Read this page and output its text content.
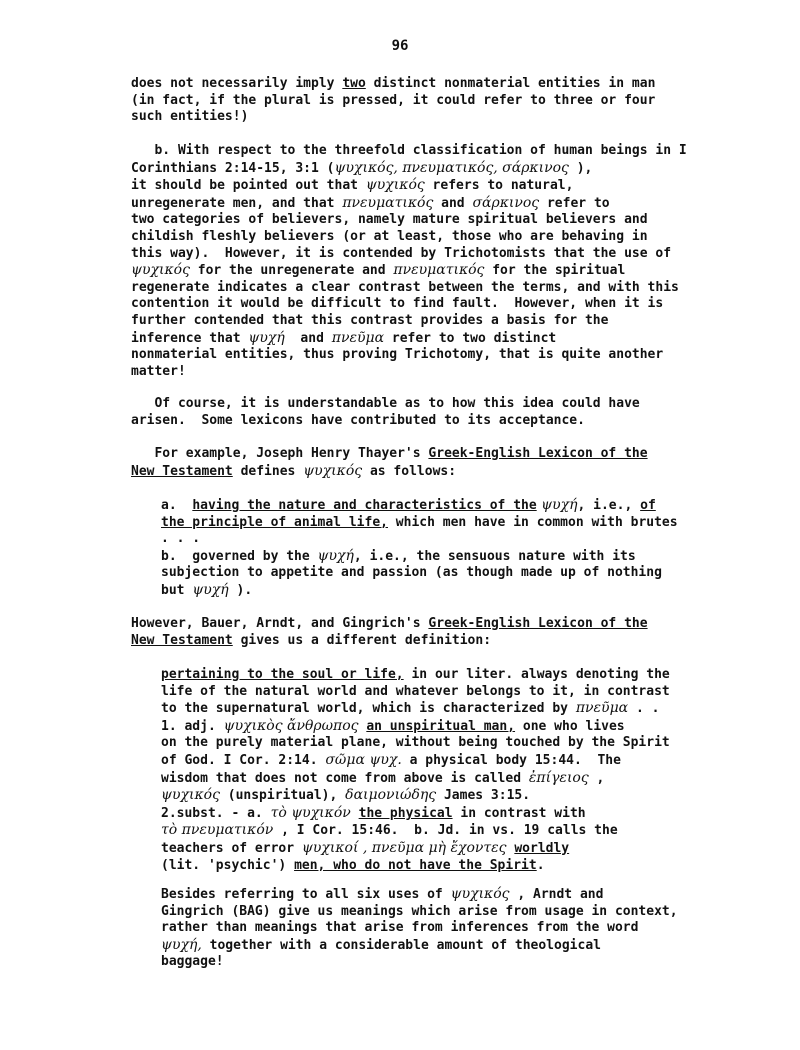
96
does not necessarily imply two distinct nonmaterial entities in man
(in fact, if the plural is pressed, it could refer to three or four
such entities!)
b. With respect to the threefold classification of human beings in I
Corinthians 2:14-15, 3:1 (ψυχικός, πνευματικός, σάρκινος ),
it should be pointed out that ψυχικός refers to natural,
unregenerate men, and that πνευματικός and σάρκινος refer to
two categories of believers, namely mature spiritual believers and
childish fleshly believers (or at least, those who are behaving in
this way).  However, it is contended by Trichotomists that the use of
ψυχικός for the unregenerate and πνευματικός for the spiritual
regenerate indicates a clear contrast between the terms, and with this
contention it would be difficult to find fault.  However, when it is
further contended that this contrast provides a basis for the
inference that ψυχή  and πνεῦμα refer to two distinct
nonmaterial entities, thus proving Trichotomy, that is quite another
matter!
Of course, it is understandable as to how this idea could have
arisen.  Some lexicons have contributed to its acceptance.
For example, Joseph Henry Thayer's Greek-English Lexicon of the
New Testament defines ψυχικός as follows:
a.  having the nature and characteristics of the ψυχή, i.e., of
the principle of animal life, which men have in common with brutes
. . .
b.  governed by the ψυχή, i.e., the sensuous nature with its
subjection to appetite and passion (as though made up of nothing
but ψυχή ).
However, Bauer, Arndt, and Gingrich's Greek-English Lexicon of the
New Testament gives us a different definition:
pertaining to the soul or life, in our liter. always denoting the
life of the natural world and whatever belongs to it, in contrast
to the supernatural world, which is characterized by πνεῦμα . .
1. adj. ψυχικὸς ἄνθρωπος an unspiritual man, one who lives
on the purely material plane, without being touched by the Spirit
of God. I Cor. 2:14. σῶμα ψυχ. a physical body 15:44.  The
wisdom that does not come from above is called ἐπίγειος ,
ψυχικός (unspiritual), δαιμονιώδης James 3:15.
2.subst. - a. τὸ ψυχικόν the physical in contrast with
τὸ πνευματικόν , I Cor. 15:46.  b. Jd. in vs. 19 calls the
teachers of error ψυχικοί , πνεῦμα μὴ ἔχοντες worldly
(lit. 'psychic') men, who do not have the Spirit.
Besides referring to all six uses of ψυχικός , Arndt and
Gingrich (BAG) give us meanings which arise from usage in context,
rather than meanings that arise from inferences from the word
ψυχή, together with a considerable amount of theological
baggage!
